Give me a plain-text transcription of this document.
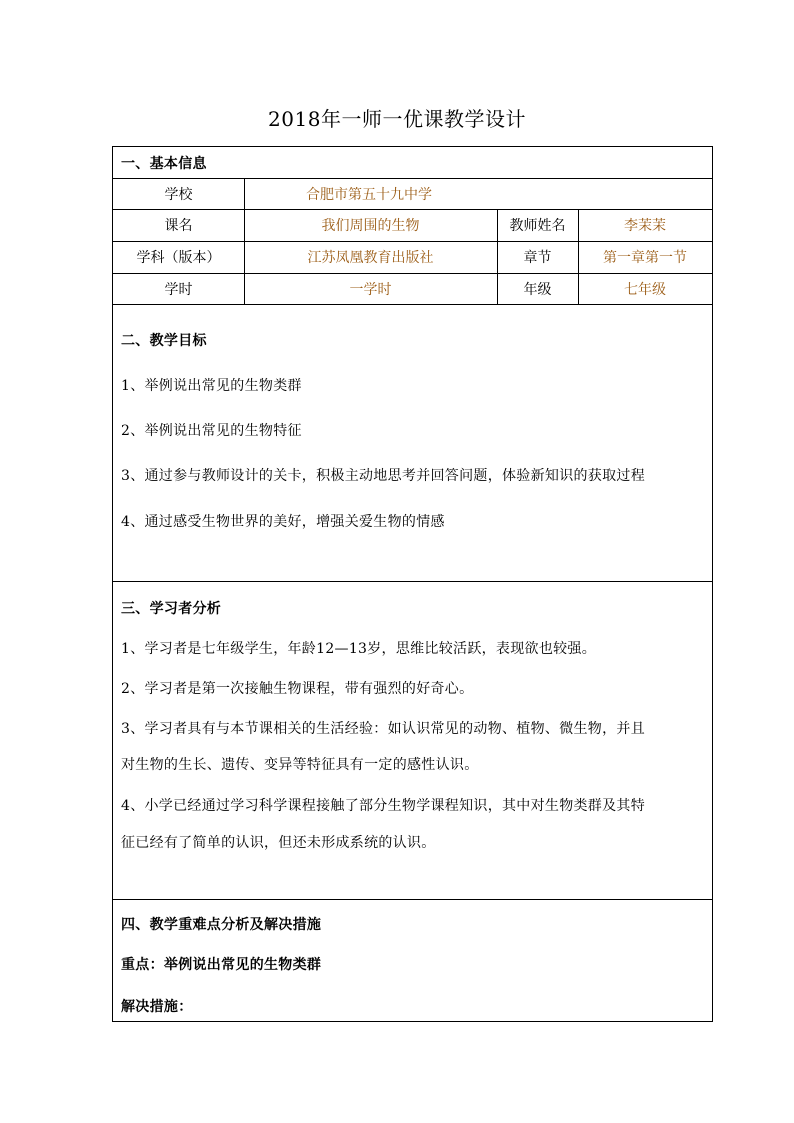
2018年一师一优课教学设计
一、基本信息
学校	合肥市第五十九中学
课名	我们周围的生物	教师姓名	李茉茉
学科（版本）	江苏凤凰教育出版社	章节	第一章第一节
学时	一学时	年级	七年级
二、教学目标
1、举例说出常见的生物类群
2、举例说出常见的生物特征
3、通过参与教师设计的关卡，积极主动地思考并回答问题，体验新知识的获取过程
4、通过感受生物世界的美好，增强关爱生物的情感
三、学习者分析
1、学习者是七年级学生，年龄12—13岁，思维比较活跃，表现欲也较强。
2、学习者是第一次接触生物课程，带有强烈的好奇心。
3、学习者具有与本节课相关的生活经验：如认识常见的动物、植物、微生物，并且
对生物的生长、遗传、变异等特征具有一定的感性认识。
4、小学已经通过学习科学课程接触了部分生物学课程知识，其中对生物类群及其特
征已经有了简单的认识，但还未形成系统的认识。
四、教学重难点分析及解决措施
重点：举例说出常见的生物类群
解决措施：
